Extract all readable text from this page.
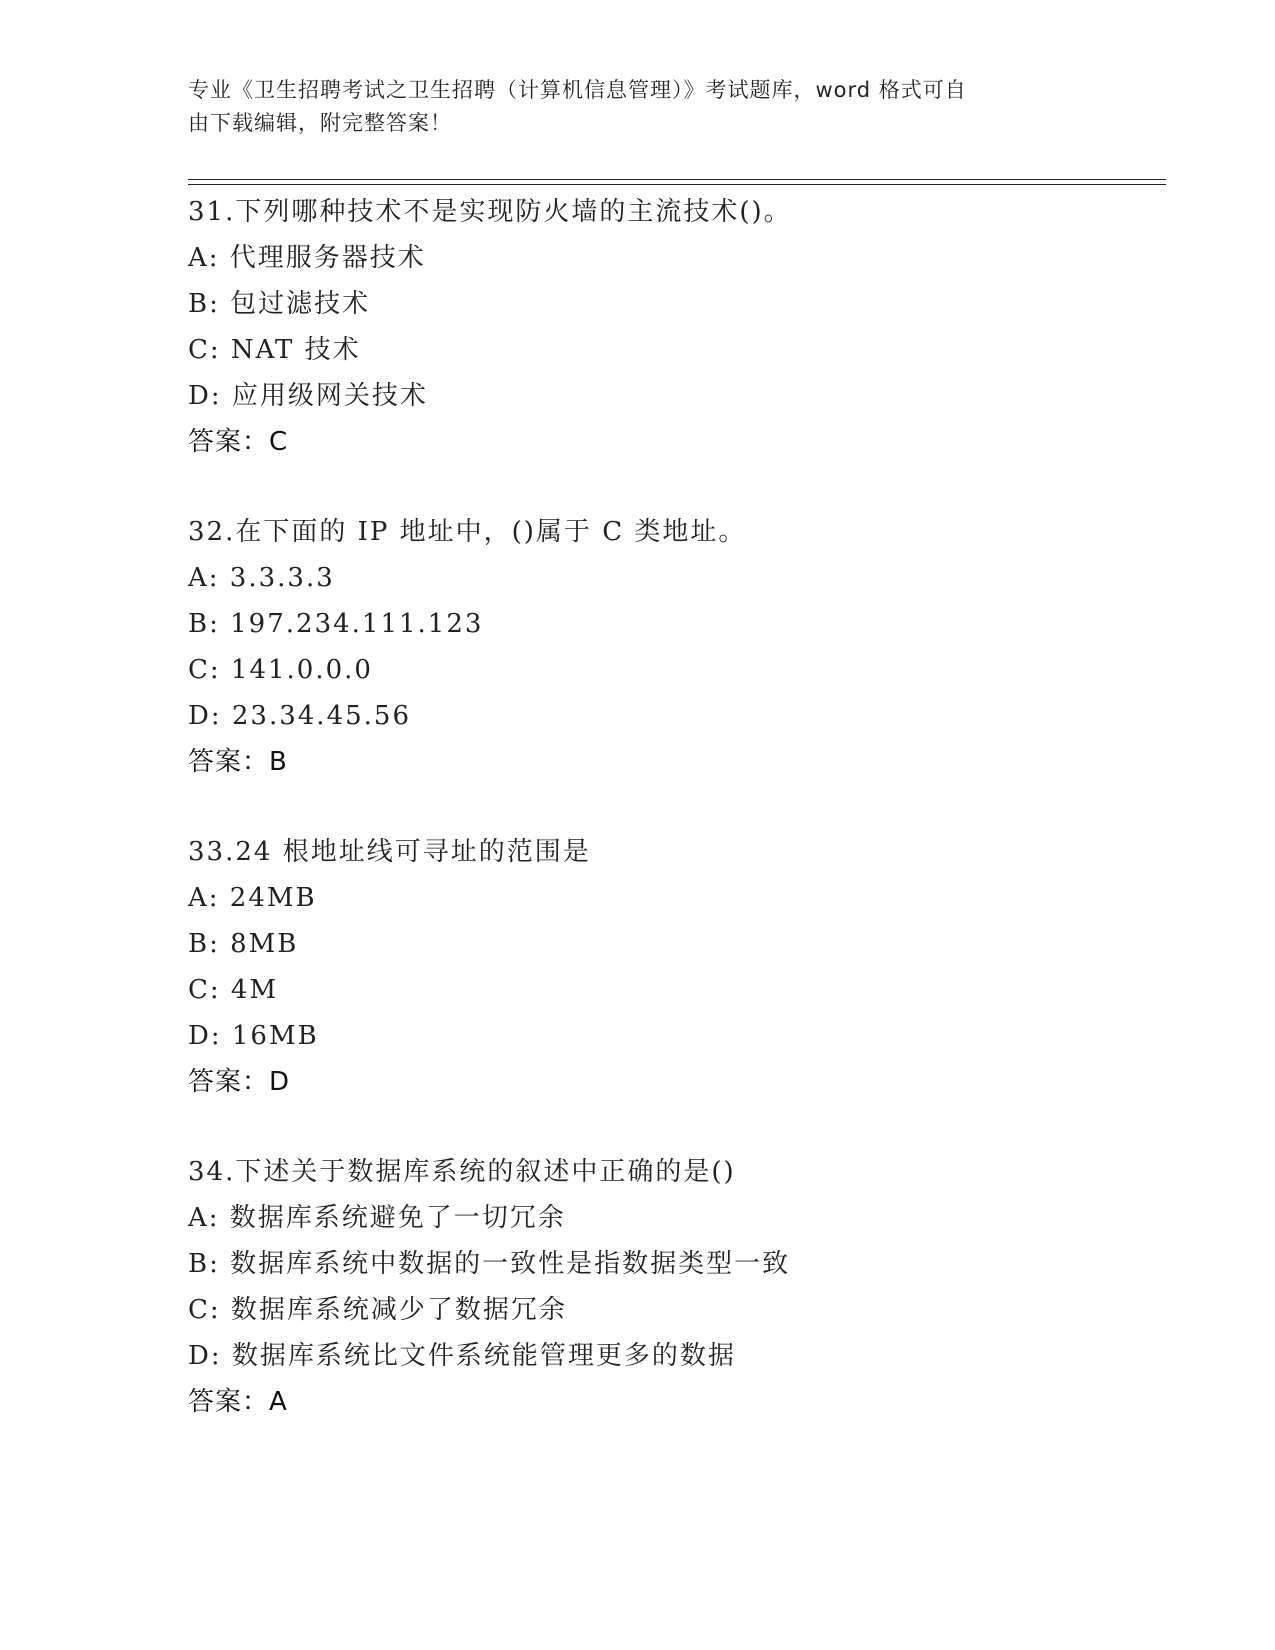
专业《卫生招聘考试之卫生招聘（计算机信息管理）》考试题库，word 格式可自
由下载编辑，附完整答案！
31.下列哪种技术不是实现防火墙的主流技术()。
A: 代理服务器技术
B: 包过滤技术
C: NAT 技术
D: 应用级网关技术
答案：C
32.在下面的 IP 地址中，()属于 C 类地址。
A: 3.3.3.3
B: 197.234.111.123
C: 141.0.0.0
D: 23.34.45.56
答案：B
33.24 根地址线可寻址的范围是
A: 24MB
B: 8MB
C: 4M
D: 16MB
答案：D
34.下述关于数据库系统的叙述中正确的是()
A: 数据库系统避免了一切冗余
B: 数据库系统中数据的一致性是指数据类型一致
C: 数据库系统减少了数据冗余
D: 数据库系统比文件系统能管理更多的数据
答案：A
